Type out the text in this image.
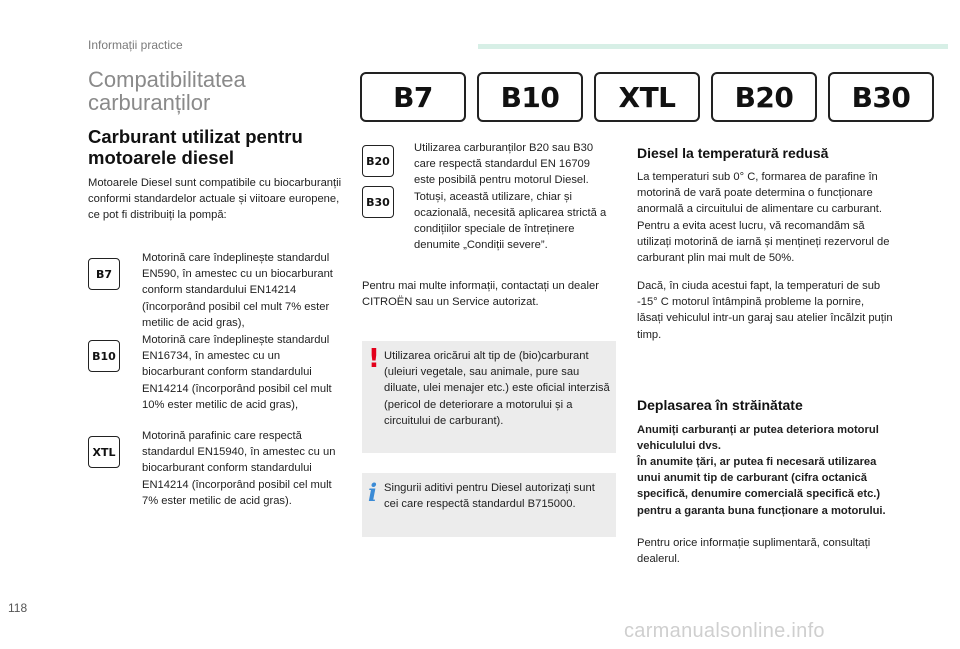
Informații practice
Compatibilitatea carburanților
Carburant utilizat pentru motoarele diesel
Motoarele Diesel sunt compatibile cu biocarburanții conformi standardelor actuale și viitoare europene, ce pot fi distribuiți la pompă:
B7
Motorină care îndeplinește standardul EN590, în amestec cu un biocarburant conform standardului EN14214 (încorporând posibil cel mult 7% ester metilic de acid gras),
B10
Motorină care îndeplinește standardul EN16734, în amestec cu un biocarburant conform standardului EN14214 (încorporând posibil cel mult 10% ester metilic de acid gras),
XTL
Motorină parafinic care respectă standardul EN15940, în amestec cu un biocarburant conform standardului EN14214 (încorporând posibil cel mult 7% ester metilic de acid gras).
B7	B10	XTL	B20	B30
B20
B30
Utilizarea carburanților B20 sau B30 care respectă standardul EN 16709 este posibilă pentru motorul Diesel. Totuși, această utilizare, chiar și ocazională, necesită aplicarea strictă a condițiilor speciale de întreținere denumite „Condiții severe”.
Pentru mai multe informații, contactați un dealer CITROËN sau un Service autorizat.
! Utilizarea oricărui alt tip de (bio)carburant (uleiuri vegetale, sau animale, pure sau diluate, ulei menajer etc.) este oficial interzisă (pericol de deteriorare a motorului și a circuitului de carburant).
i Singurii aditivi pentru Diesel autorizați sunt cei care respectă standardul B715000.
Diesel la temperatură redusă
La temperaturi sub 0° C, formarea de parafine în motorină de vară poate determina o funcționare anormală a circuitului de alimentare cu carburant. Pentru a evita acest lucru, vă recomandăm să utilizați motorină de iarnă și mențineți rezervorul de carburant plin mai mult de 50%.
Dacă, în ciuda acestui fapt, la temperaturi de sub -15° C motorul întâmpină probleme la pornire, lăsați vehiculul intr-un garaj sau atelier încălzit puțin timp.
Deplasarea în străinătate
Anumiți carburanți ar putea deteriora motorul vehiculului dvs.
În anumite țări, ar putea fi necesară utilizarea unui anumit tip de carburant (cifra octanică specifică, denumire comercială specifică etc.) pentru a garanta buna funcționare a motorului.
Pentru orice informație suplimentară, consultați dealerul.
118
carmanualsonline.info
